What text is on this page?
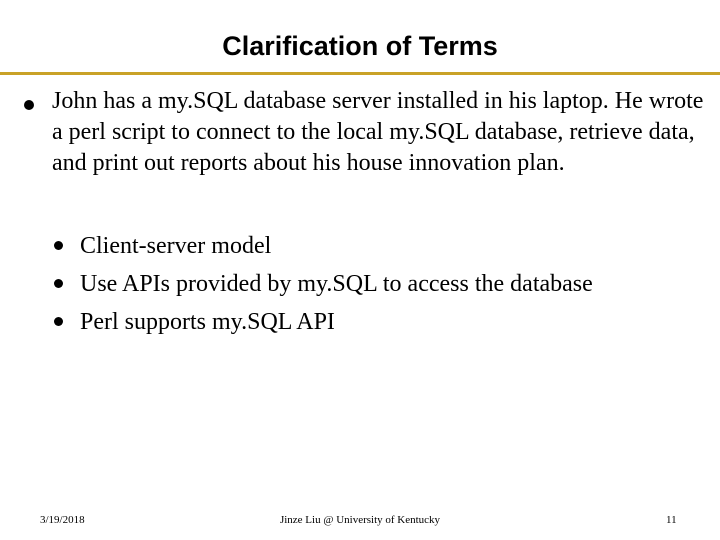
Clarification of Terms

John has a my.SQL database server installed in his laptop. He wrote a perl script to connect to the local my.SQL database, retrieve data, and print out reports about his house innovation plan.

Client-server model
Use APIs provided by my.SQL to access the database
Perl supports my.SQL API
3/19/2018	Jinze Liu @ University of Kentucky	11
